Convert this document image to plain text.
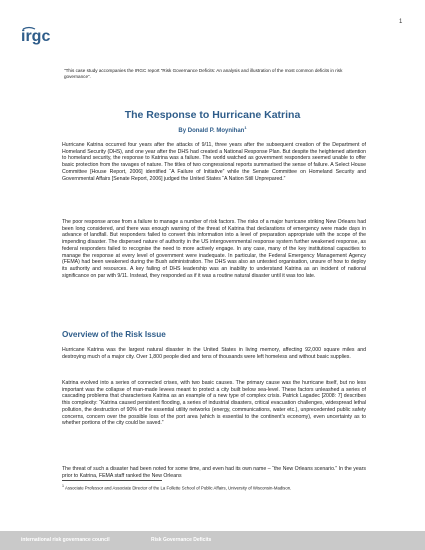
1
irgc
"This case study accompanies the IRGC report “Risk Governance Deficits: An analysis and illustration of the most common deficits in risk governance”.
The Response to Hurricane Katrina
By Donald P. Moynihan$^1$
Hurricane Katrina occurred four years after the attacks of 9/11, three years after the subsequent creation of the Department of Homeland Security (DHS), and one year after the DHS had created a National Response Plan. But despite the heightened attention to homeland security, the response to Katrina was a failure. The world watched as government responders seemed unable to offer basic protection from the ravages of nature. The titles of two congressional reports summarised the sense of failure. A Select House Committee [House Report, 2006] identified “A Failure of Initiative” while the Senate Committee on Homeland Security and Governmental Affairs [Senate Report, 2006] judged the United States “A Nation Still Unprepared.”
The poor response arose from a failure to manage a number of risk factors. The risks of a major hurricane striking New Orleans had been long considered, and there was enough warning of the threat of Katrina that declarations of emergency were made days in advance of landfall. But responders failed to convert this information into a level of preparation appropriate with the scope of the impending disaster. The dispersed nature of authority in the US intergovernmental response system further weakened response, as federal responders failed to recognise the need to more actively engage. In any case, many of the key institutional capacities to manage the response at every level of government were inadequate. In particular, the Federal Emergency Management Agency (FEMA) had been weakened during the Bush administration. The DHS was also an untested organisation, unsure of how to deploy its authority and resources. A key failing of DHS leadership was an inability to understand Katrina as an incident of national significance on par with 9/11. Instead, they responded as if it was a routine natural disaster until it was too late.
Overview of the Risk Issue
Hurricane Katrina was the largest natural disaster in the United States in living memory, affecting 92,000 square miles and destroying much of a major city. Over 1,800 people died and tens of thousands were left homeless and without basic supplies.
Katrina evolved into a series of connected crises, with two basic causes. The primary cause was the hurricane itself, but no less important was the collapse of man-made levees meant to protect a city built below sea-level. These factors unleashed a series of cascading problems that characterises Katrina as an example of a new type of complex crisis. Patrick Lagadec [2008: 7] describes this complexity: “Katrina caused persistent flooding, a series of industrial disasters, critical evacuation challenges, widespread lethal pollution, the destruction of 90% of the essential utility networks (energy, communications, water etc.), unprecedented public safety concerns, concern over the possible loss of the port area (which is essential to the continent's economy), even uncertainty as to whether portions of the city could be saved.”
The threat of such a disaster had been noted for some time, and even had its own name – “the New Orleans scenario.” In the years prior to Katrina, FEMA staff ranked the New Orleans
$^1$ Associate Professor and Associate Director of the La Follette School of Public Affairs, University of Wisconsin-Madison.
international risk governance council	Risk Governance Deficits
